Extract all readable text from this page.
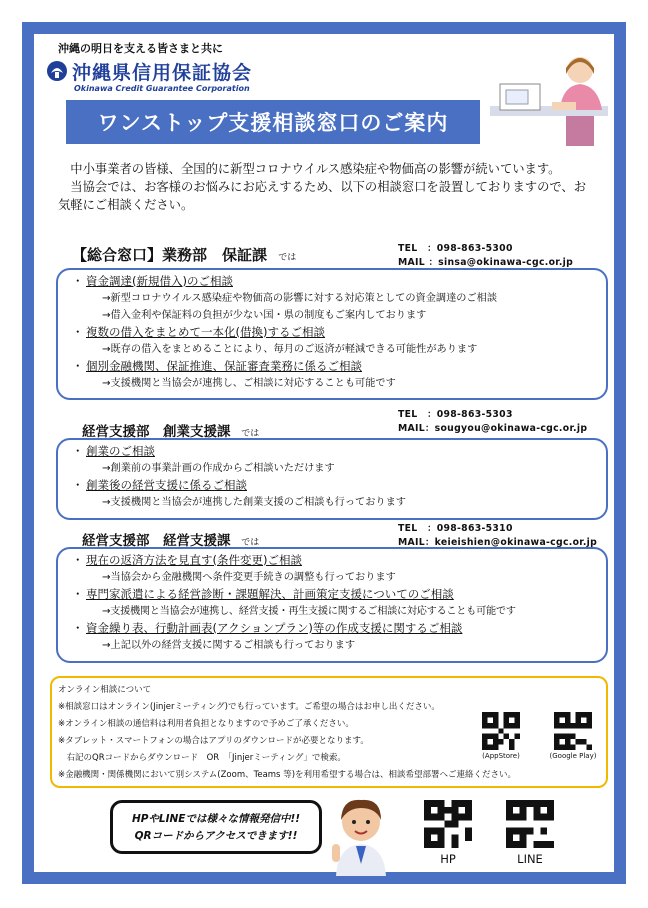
沖縄の明日を支える皆さまと共に
沖縄県信用保証協会
Okinawa Credit Guarantee Corporation
ワンストップ支援相談窓口のご案内

　中小事業者の皆様、全国的に新型コロナウイルス感染症や物価高の影響が続いています。

　当協会では、お客様のお悩みにお応えするため、以下の相談窓口を設置しておりますので、お気軽にご相談ください。

【総合窓口】業務部　保証課 では
TEL　：098-863-5300
MAIL ：sinsa@okinawa-cgc.or.jp
・ 資金調達(新規借入)のご相談
→新型コロナウイルス感染症や物価高の影響に対する対応策としての資金調達のご相談
→借入金利や保証料の負担が少ない国・県の制度もご案内しております
・ 複数の借入をまとめて一本化(借換)するご相談
→既存の借入をまとめることにより、毎月のご返済が軽減できる可能性があります
・ 個別金融機関、保証推進、保証審査業務に係るご相談
→支援機関と当協会が連携し、ご相談に対応することも可能です
経営支援部　創業支援課 では
TEL　：098-863-5303
MAIL：sougyou@okinawa-cgc.or.jp
・ 創業のご相談
→創業前の事業計画の作成からご相談いただけます
・ 創業後の経営支援に係るご相談
→支援機関と当協会が連携した創業支援のご相談も行っております
経営支援部　経営支援課 では
TEL　：098-863-5310
MAIL：keieishien@okinawa-cgc.or.jp
・ 現在の返済方法を見直す(条件変更)ご相談
→当協会から金融機関へ条件変更手続きの調整も行っております
・ 専門家派遣による経営診断・課題解決、計画策定支援についてのご相談
→支援機関と当協会が連携し、経営支援・再生支援に関するご相談に対応することも可能です
・ 資金繰り表、行動計画表(アクションプラン)等の作成支援に関するご相談
→上記以外の経営支援に関するご相談も行っております
オンライン相談について
※相談窓口はオンライン(Jinjerミーティング)でも行っています。ご希望の場合はお申し出ください。
※オンライン相談の通信料は利用者負担となりますので予めご了承ください。
※タブレット・スマートフォンの場合はアプリのダウンロードが必要となります。
　右記のQRコードからダウンロード　OR　「Jinjerミーティング」で検索。
※金融機関・関係機関において別システム(Zoom、Teams 等)を利用希望する場合は、相談希望部署へご連絡ください。
(AppStore)	(Google Play)
HPやLINEでは様々な情報発信中!!
QRコードからアクセスできます!!
HP	LINE
